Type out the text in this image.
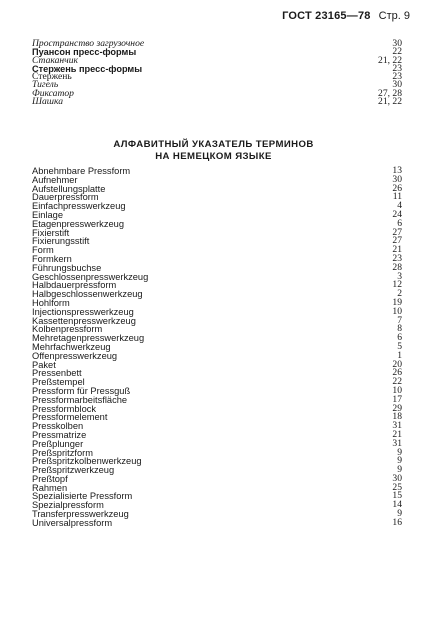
ГОСТ 23165—78 Стр. 9
Пространство загрузочное	30
Пуансон пресс-формы	22
Стаканчик	21, 22
Стержень пресс-формы	23
Стержень	23
Тигель	30
Фиксатор	27, 28
Шашка	21, 22
АЛФАВИТНЫЙ УКАЗАТЕЛЬ ТЕРМИНОВ
НА НЕМЕЦКОМ ЯЗЫКЕ
Abnehmbare Pressform	13
Aufnehmer	30
Aufstellungsplatte	26
Dauerpressform	11
Einfachpresswerkzeug	4
Einlage	24
Etagenpresswerkzeug	6
Fixierstift	27
Fixierungsstift	27
Form	21
Formkern	23
Führungsbuchse	28
Geschlossenpresswerkzeug	3
Halbdauerpressform	12
Halbgeschlossenwerkzeug	2
Hohlform	19
Injectionspresswerkzeug	10
Kassettenpresswerkzeug	7
Kolbenpressform	8
Mehretagenpresswerkzeug	6
Mehrfachwerkzeug	5
Offenpresswerkzeug	1
Paket	20
Pressenbett	26
Preßstempel	22
Pressform für Pressguß	10
Pressformarbeitsfläche	17
Pressformblock	29
Pressformelement	18
Presskolben	31
Pressmatrize	21
Preßplunger	31
Preßspritzform	9
Preßspritzkolbenwerkzeug	9
Preßspritzwerkzeug	9
Preßtopf	30
Rahmen	25
Spezialisierte Pressform	15
Spezialpressform	14
Transferpresswerkzeug	9
Universalpressform	16
